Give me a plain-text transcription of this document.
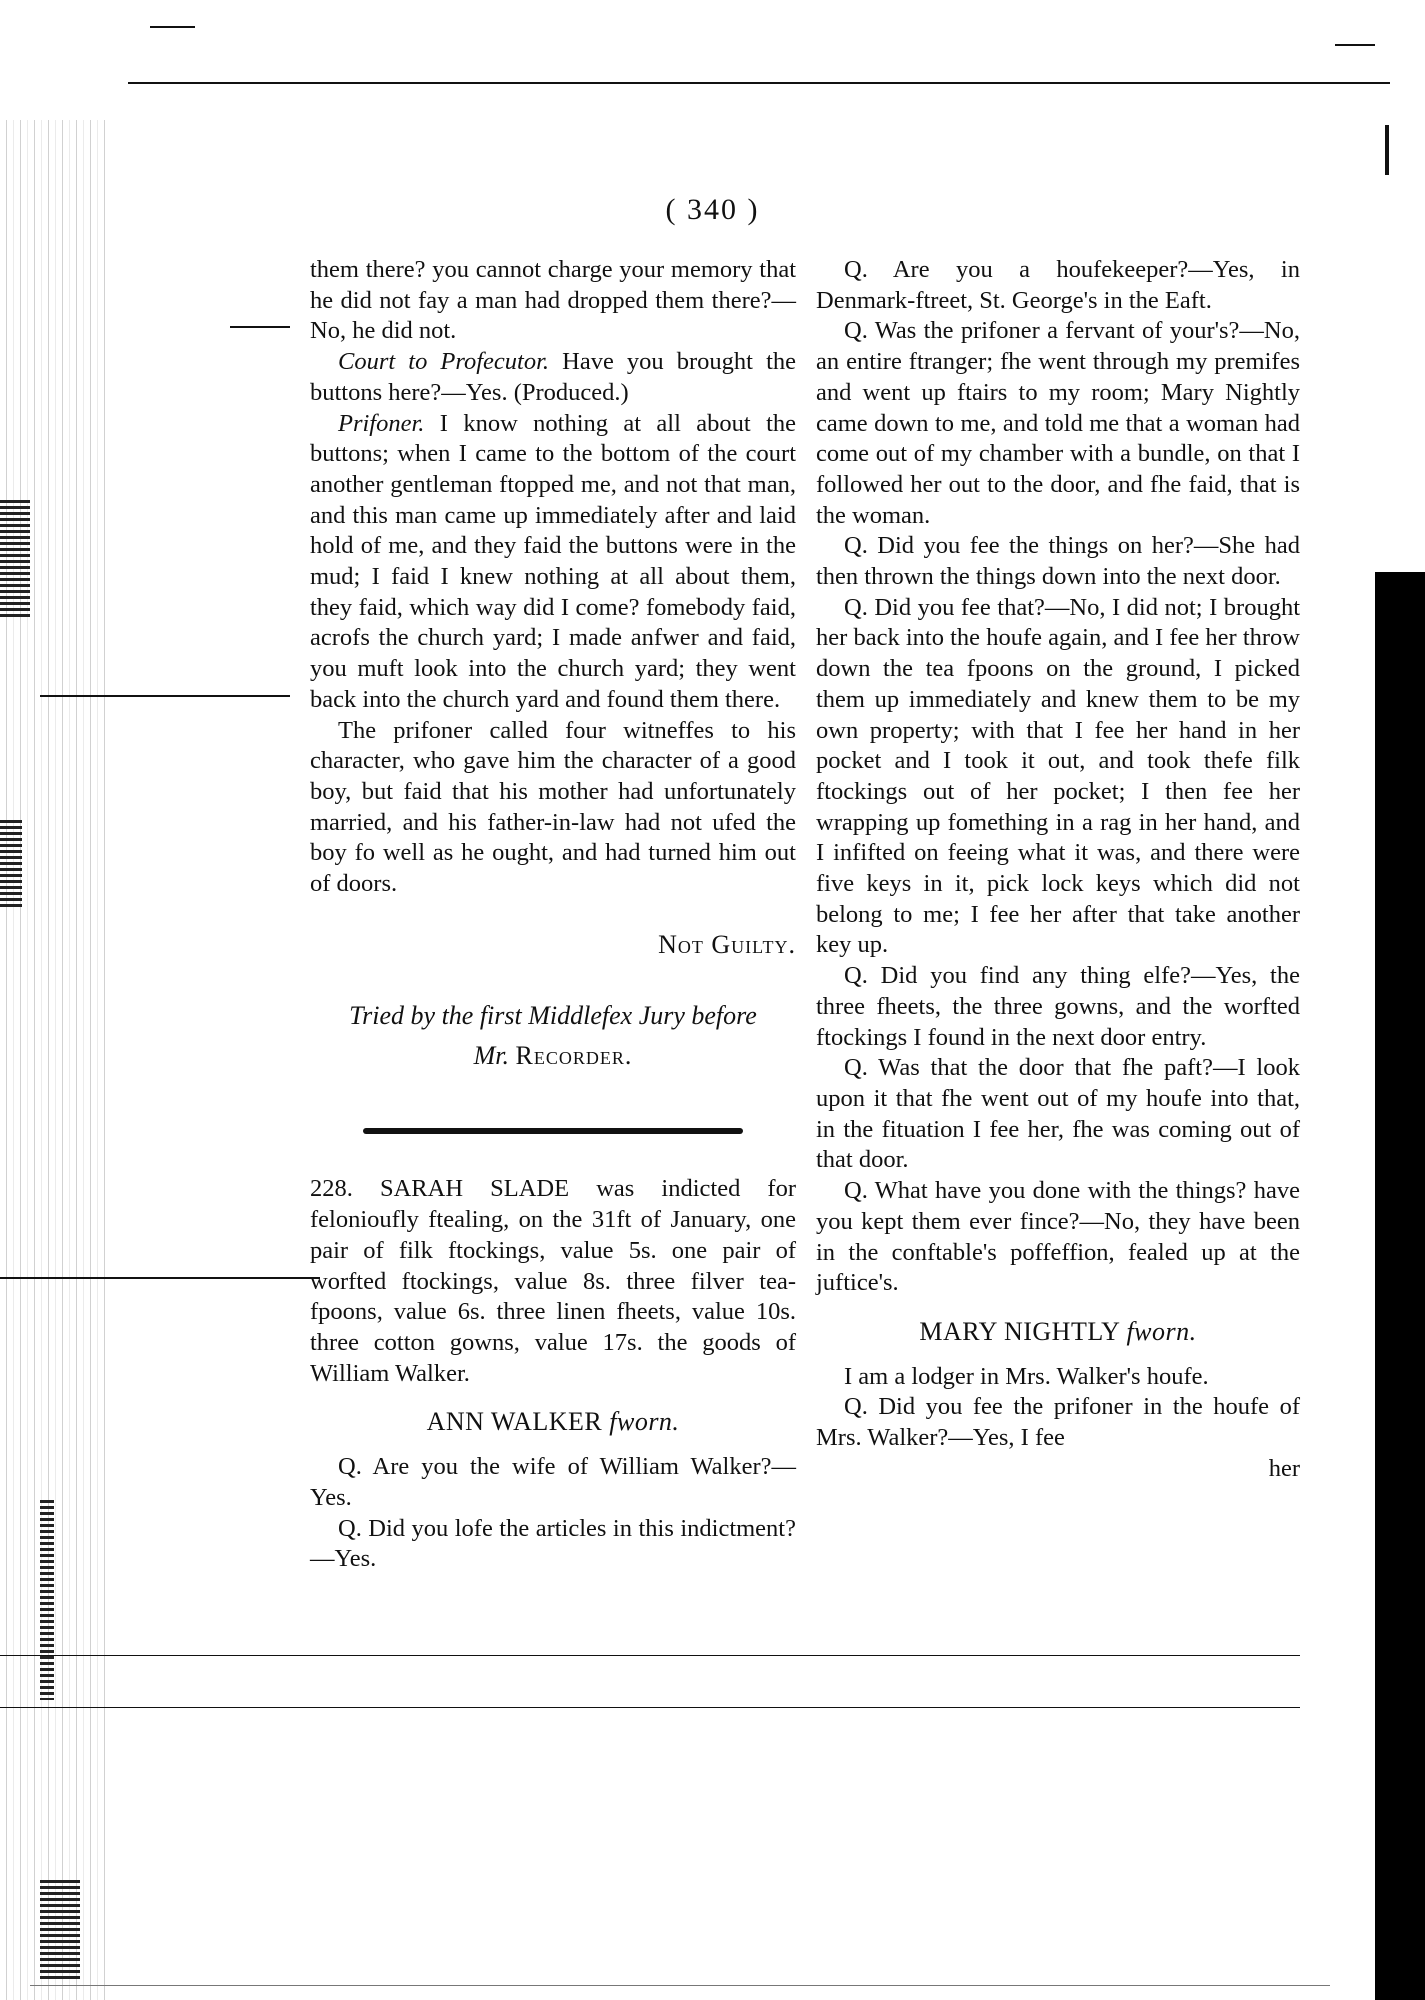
( 340 )

them there? you cannot charge your memory that he did not fay a man had dropped them there?—No, he did not.

Court to Profecutor. Have you brought the buttons here?—Yes. (Produced.)

Prifoner. I know nothing at all about the buttons; when I came to the bottom of the court another gentleman ftopped me, and not that man, and this man came up immediately after and laid hold of me, and they faid the buttons were in the mud; I faid I knew nothing at all about them, they faid, which way did I come? fomebody faid, acrofs the church yard; I made anfwer and faid, you muft look into the church yard; they went back into the church yard and found them there.

The prifoner called four witneffes to his character, who gave him the character of a good boy, but faid that his mother had unfortunately married, and his father-in-law had not ufed the boy fo well as he ought, and had turned him out of doors.

Not Guilty.

Tried by the first Middlefex Jury before
Mr. Recorder.

228. SARAH SLADE was indicted for felonioufly ftealing, on the 31ft of January, one pair of filk ftockings, value 5s. one pair of worfted ftockings, value 8s. three filver tea-fpoons, value 6s. three linen fheets, value 10s. three cotton gowns, value 17s. the goods of William Walker.

ANN WALKER fworn.

Q. Are you the wife of William Walker?—Yes.

Q. Did you lofe the articles in this indictment?—Yes.

Q. Are you a houfekeeper?—Yes, in Denmark-ftreet, St. George's in the Eaft.

Q. Was the prifoner a fervant of your's?—No, an entire ftranger; fhe went through my premifes and went up ftairs to my room; Mary Nightly came down to me, and told me that a woman had come out of my chamber with a bundle, on that I followed her out to the door, and fhe faid, that is the woman.

Q. Did you fee the things on her?—She had then thrown the things down into the next door.

Q. Did you fee that?—No, I did not; I brought her back into the houfe again, and I fee her throw down the tea fpoons on the ground, I picked them up immediately and knew them to be my own property; with that I fee her hand in her pocket and I took it out, and took thefe filk ftockings out of her pocket; I then fee her wrapping up fomething in a rag in her hand, and I infifted on feeing what it was, and there were five keys in it, pick lock keys which did not belong to me; I fee her after that take another key up.

Q. Did you find any thing elfe?—Yes, the three fheets, the three gowns, and the worfted ftockings I found in the next door entry.

Q. Was that the door that fhe paft?—I look upon it that fhe went out of my houfe into that, in the fituation I fee her, fhe was coming out of that door.

Q. What have you done with the things? have you kept them ever fince?—No, they have been in the conftable's poffeffion, fealed up at the juftice's.

MARY NIGHTLY fworn.

I am a lodger in Mrs. Walker's houfe.

Q. Did you fee the prifoner in the houfe of Mrs. Walker?—Yes, I fee

her
